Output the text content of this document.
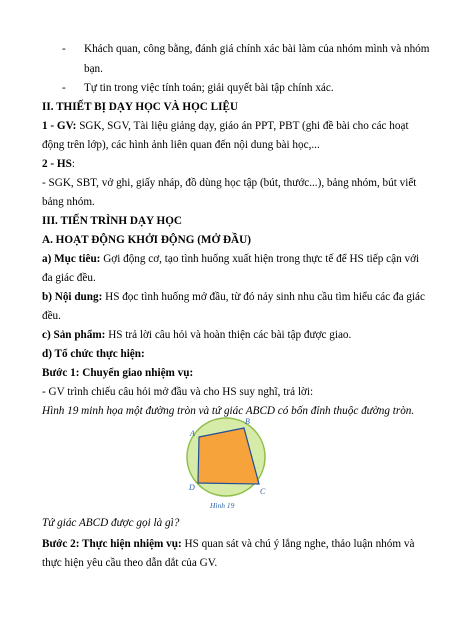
- Khách quan, công bằng, đánh giá chính xác bài làm của nhóm mình và nhóm
bạn.
- Tự tin trong việc tính toán; giải quyết bài tập chính xác.
II. THIẾT BỊ DẠY HỌC VÀ HỌC LIỆU
1 - GV: SGK, SGV, Tài liệu giảng dạy, giáo án PPT, PBT (ghi đề bài cho các hoạt
động trên lớp), các hình ảnh liên quan đến nội dung bài học,...
2 - HS:
- SGK, SBT, vở ghi, giấy nháp, đồ dùng học tập (bút, thước...), bảng nhóm, bút viết
bảng nhóm.
III. TIẾN TRÌNH DẠY HỌC
A. HOẠT ĐỘNG KHỞI ĐỘNG (MỞ ĐẦU)
a) Mục tiêu: Gợi động cơ, tạo tình huống xuất hiện trong thực tế để HS tiếp cận với
đa giác đều.
b) Nội dung: HS đọc tình huống mở đầu, từ đó nảy sinh nhu cầu tìm hiểu các đa giác
đều.
c) Sản phẩm: HS trả lời câu hỏi và hoàn thiện các bài tập được giao.
d) Tổ chức thực hiện:
Bước 1: Chuyển giao nhiệm vụ:
- GV trình chiếu câu hỏi mở đầu và cho HS suy nghĩ, trả lời:
Hình 19 minh họa một đường tròn và tứ giác ABCD có bốn đỉnh thuộc đường tròn.
A
B
C
D
Hình 19
Tứ giác ABCD được gọi là gì?
Bước 2: Thực hiện nhiệm vụ: HS quan sát và chú ý lắng nghe, thảo luận nhóm và
thực hiện yêu cầu theo dẫn dắt của GV.
